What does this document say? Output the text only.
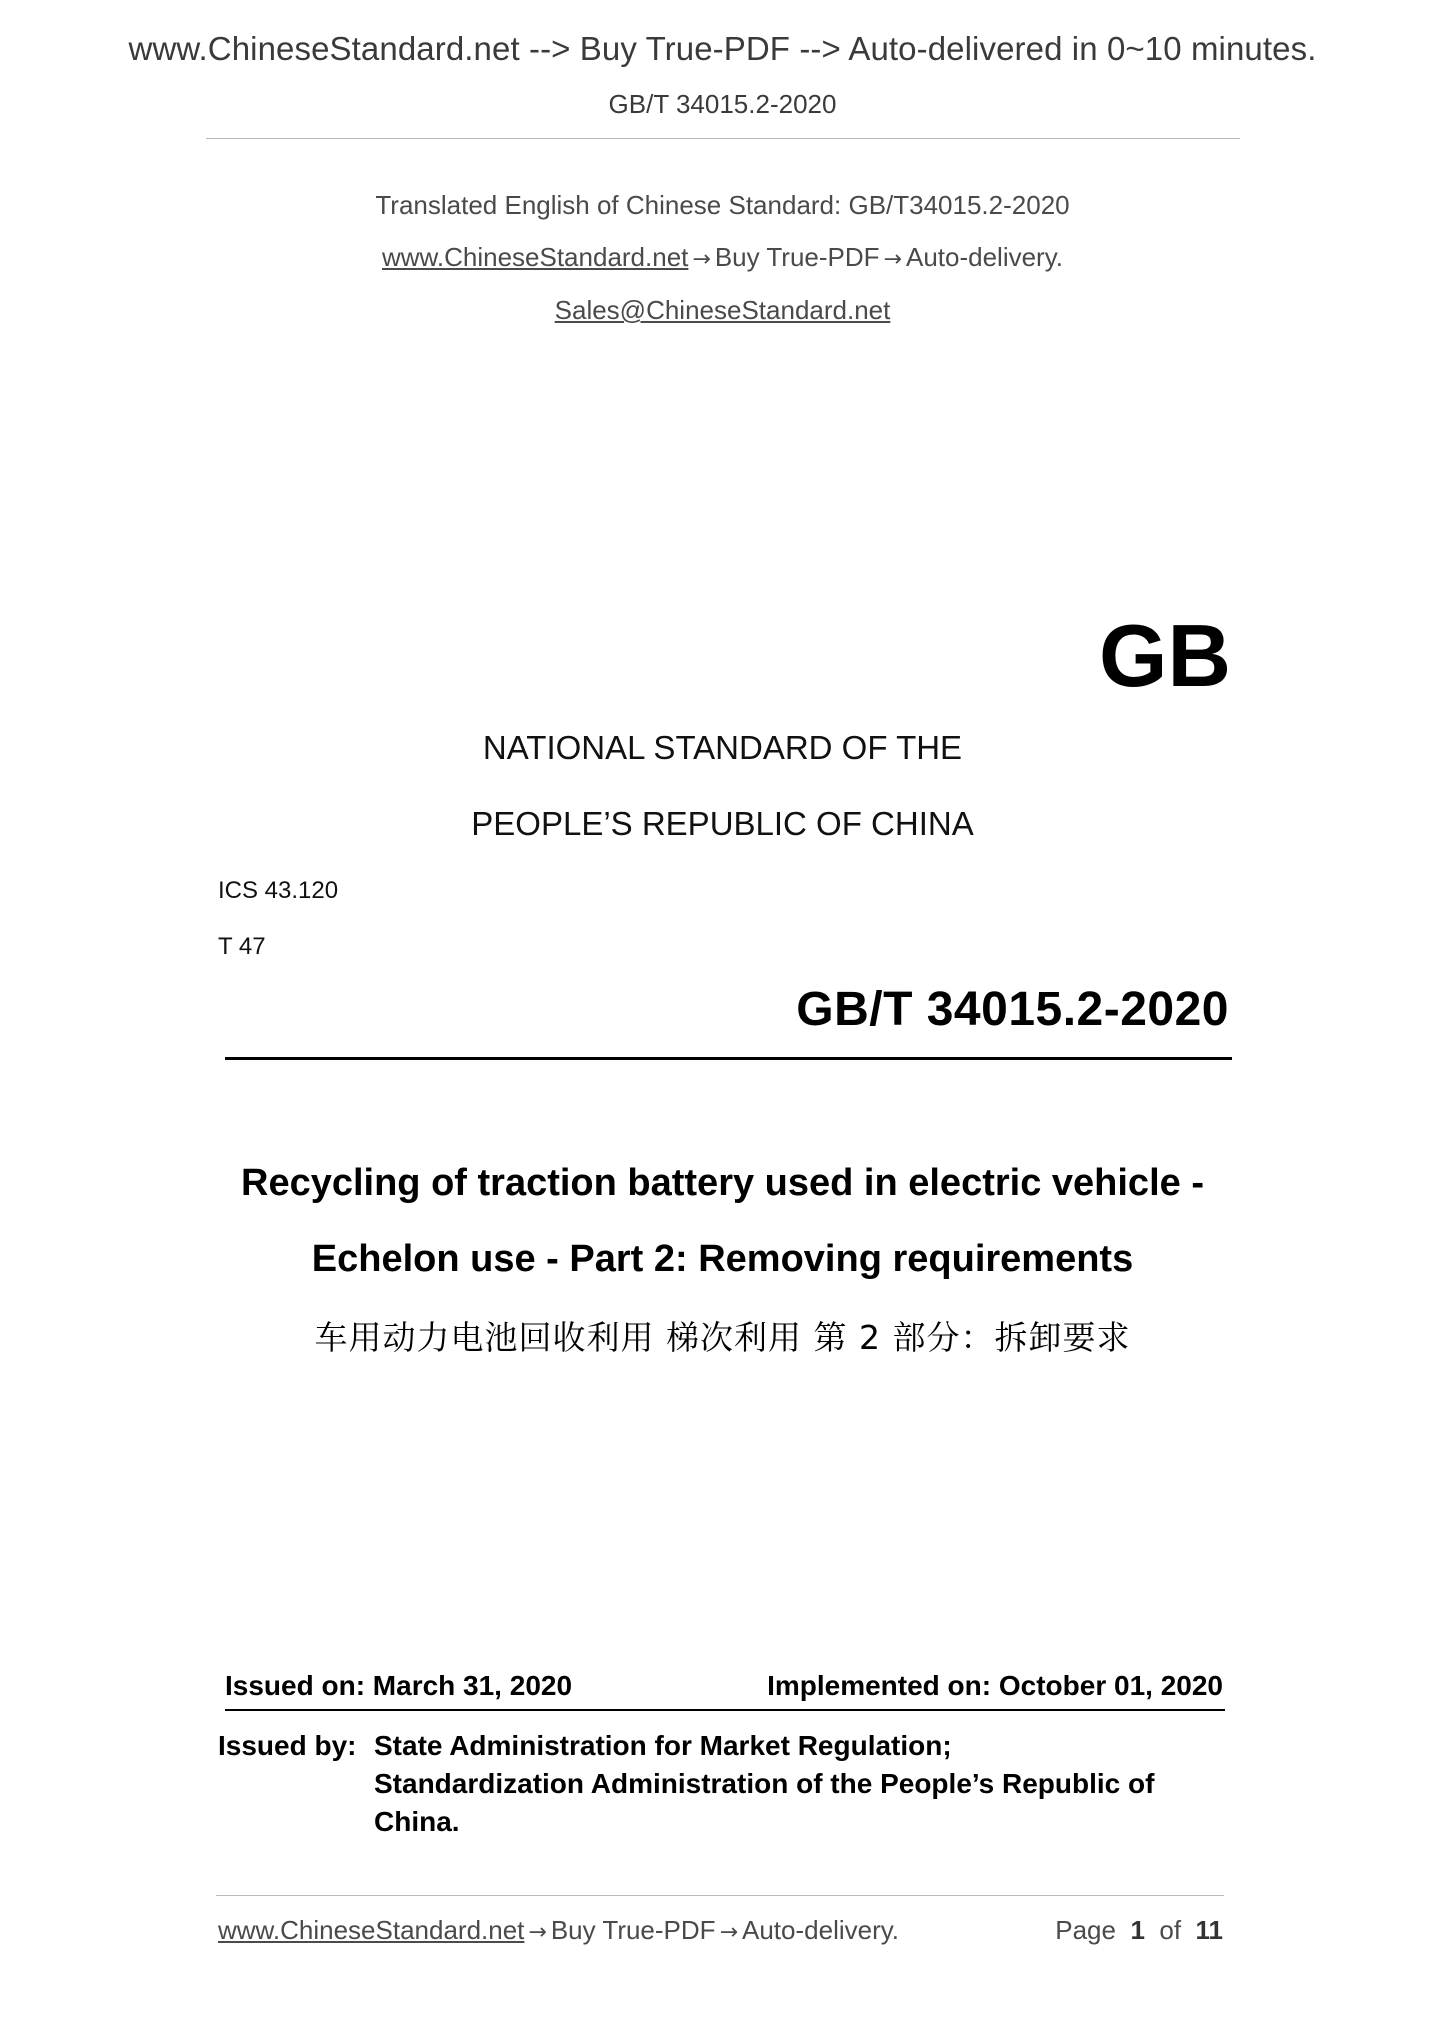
www.ChineseStandard.net --> Buy True-PDF --> Auto-delivered in 0~10 minutes.
GB/T 34015.2-2020
Translated English of Chinese Standard: GB/T34015.2-2020
www.ChineseStandard.net → Buy True-PDF → Auto-delivery.
Sales@ChineseStandard.net
GB
NATIONAL STANDARD OF THE
PEOPLE’S REPUBLIC OF CHINA
ICS 43.120
T 47
GB/T 34015.2-2020
Recycling of traction battery used in electric vehicle -
Echelon use - Part 2: Removing requirements
车用动力电池回收利用 梯次利用 第 2 部分：拆卸要求
Issued on: March 31, 2020	Implemented on: October 01, 2020
Issued by: State Administration for Market Regulation;
Standardization Administration of the People’s Republic of
China.
www.ChineseStandard.net → Buy True-PDF → Auto-delivery.	Page 1 of 11
